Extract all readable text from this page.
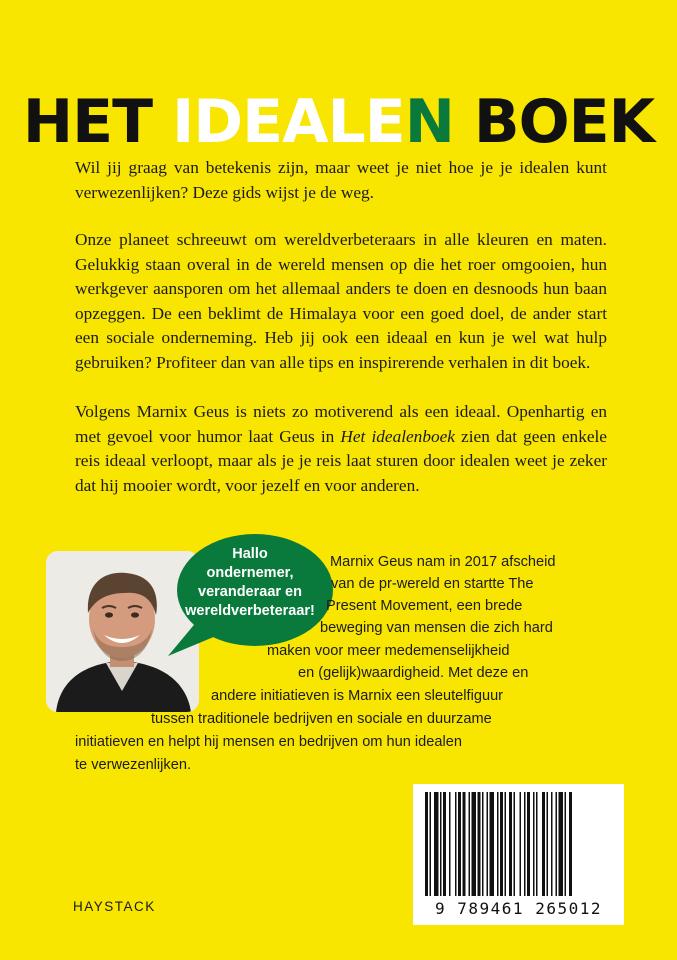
HET IDEALEN BOEK

Wil jij graag van betekenis zijn, maar weet je niet hoe je je idealen kunt verwezenlijken? Deze gids wijst je de weg.

Onze planeet schreeuwt om wereldverbeteraars in alle kleuren en maten. Gelukkig staan overal in de wereld mensen op die het roer omgooien, hun werkgever aansporen om het allemaal anders te doen en desnoods hun baan opzeggen. De een beklimt de Himalaya voor een goed doel, de ander start een sociale onderneming. Heb jij ook een ideaal en kun je wel wat hulp gebruiken? Profiteer dan van alle tips en inspirerende verhalen in dit boek.

Volgens Marnix Geus is niets zo motiverend als een ideaal. Openhartig en met gevoel voor humor laat Geus in Het idealenboek zien dat geen enkele reis ideaal verloopt, maar als je je reis laat sturen door idealen weet je zeker dat hij mooier wordt, voor jezelf en voor anderen.

Hallo
ondernemer,
veranderaar en
wereldverbeteraar!

Marnix Geus nam in 2017 afscheid

van de pr-wereld en startte The

Present Movement, een brede

beweging van mensen die zich hard

maken voor meer medemenselijkheid

en (gelijk)waardigheid. Met deze en

andere initiatieven is Marnix een sleutelfiguur

tussen traditionele bedrijven en sociale en duurzame

initiatieven en helpt hij mensen en bedrijven om hun idealen

te verwezenlijken.

9 789461 265012
HAYSTACK
